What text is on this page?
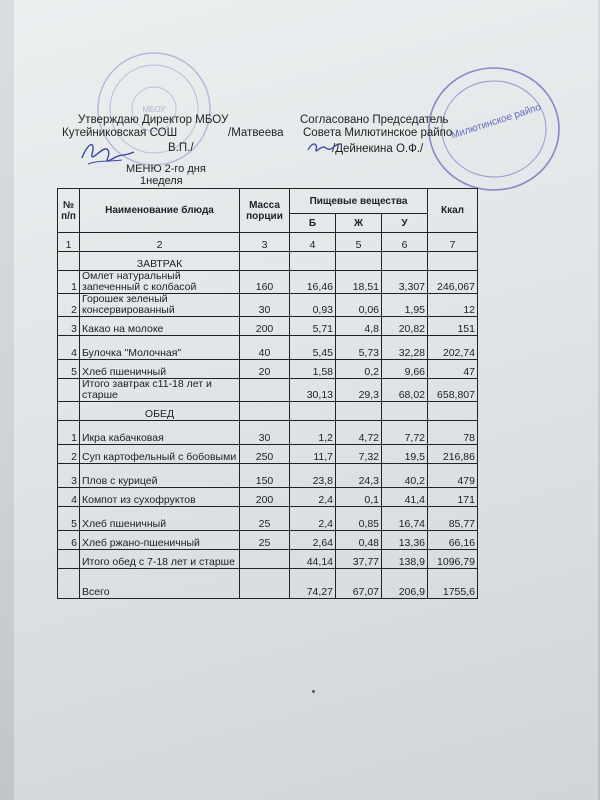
МБОУ	Милютинское райпо
Утверждаю Директор МБОУ
Кутейниковская СОШ	/Матвеева
В.П./
Согласовано Председатель
Совета Милютинское райпо
/Дейнекина О.Ф./
МЕНЮ 2-го дня
1неделя
№ п/п	Наименование блюда	Масса порции	Пищевые вещества			Ккал
			Б	Ж	У	
1	2	3	4	5	6	7
	ЗАВТРАК					
1	Омлет натуральный запеченный с колбасой	160	16,46	18,51	3,307	246,067
2	Горошек зеленый консервированный	30	0,93	0,06	1,95	12
3	Какао на молоке	200	5,71	4,8	20,82	151
4	Булочка "Молочная"	40	5,45	5,73	32,28	202,74
5	Хлеб пшеничный	20	1,58	0,2	9,66	47
	Итого завтрак с11-18 лет и старше		30,13	29,3	68,02	658,807
	ОБЕД					
1	Икра кабачковая	30	1,2	4,72	7,72	78
2	Суп картофельный с бобовыми	250	11,7	7,32	19,5	216,86
3	Плов с курицей	150	23,8	24,3	40,2	479
4	Компот из сухофруктов	200	2,4	0,1	41,4	171
5	Хлеб пшеничный	25	2,4	0,85	16,74	85,77
6	Хлеб ржано-пшеничный	25	2,64	0,48	13,36	66,16
	Итого обед с 7-18 лет и старше		44,14	37,77	138,9	1096,79
	Всего		74,27	67,07	206,9	1755,6
